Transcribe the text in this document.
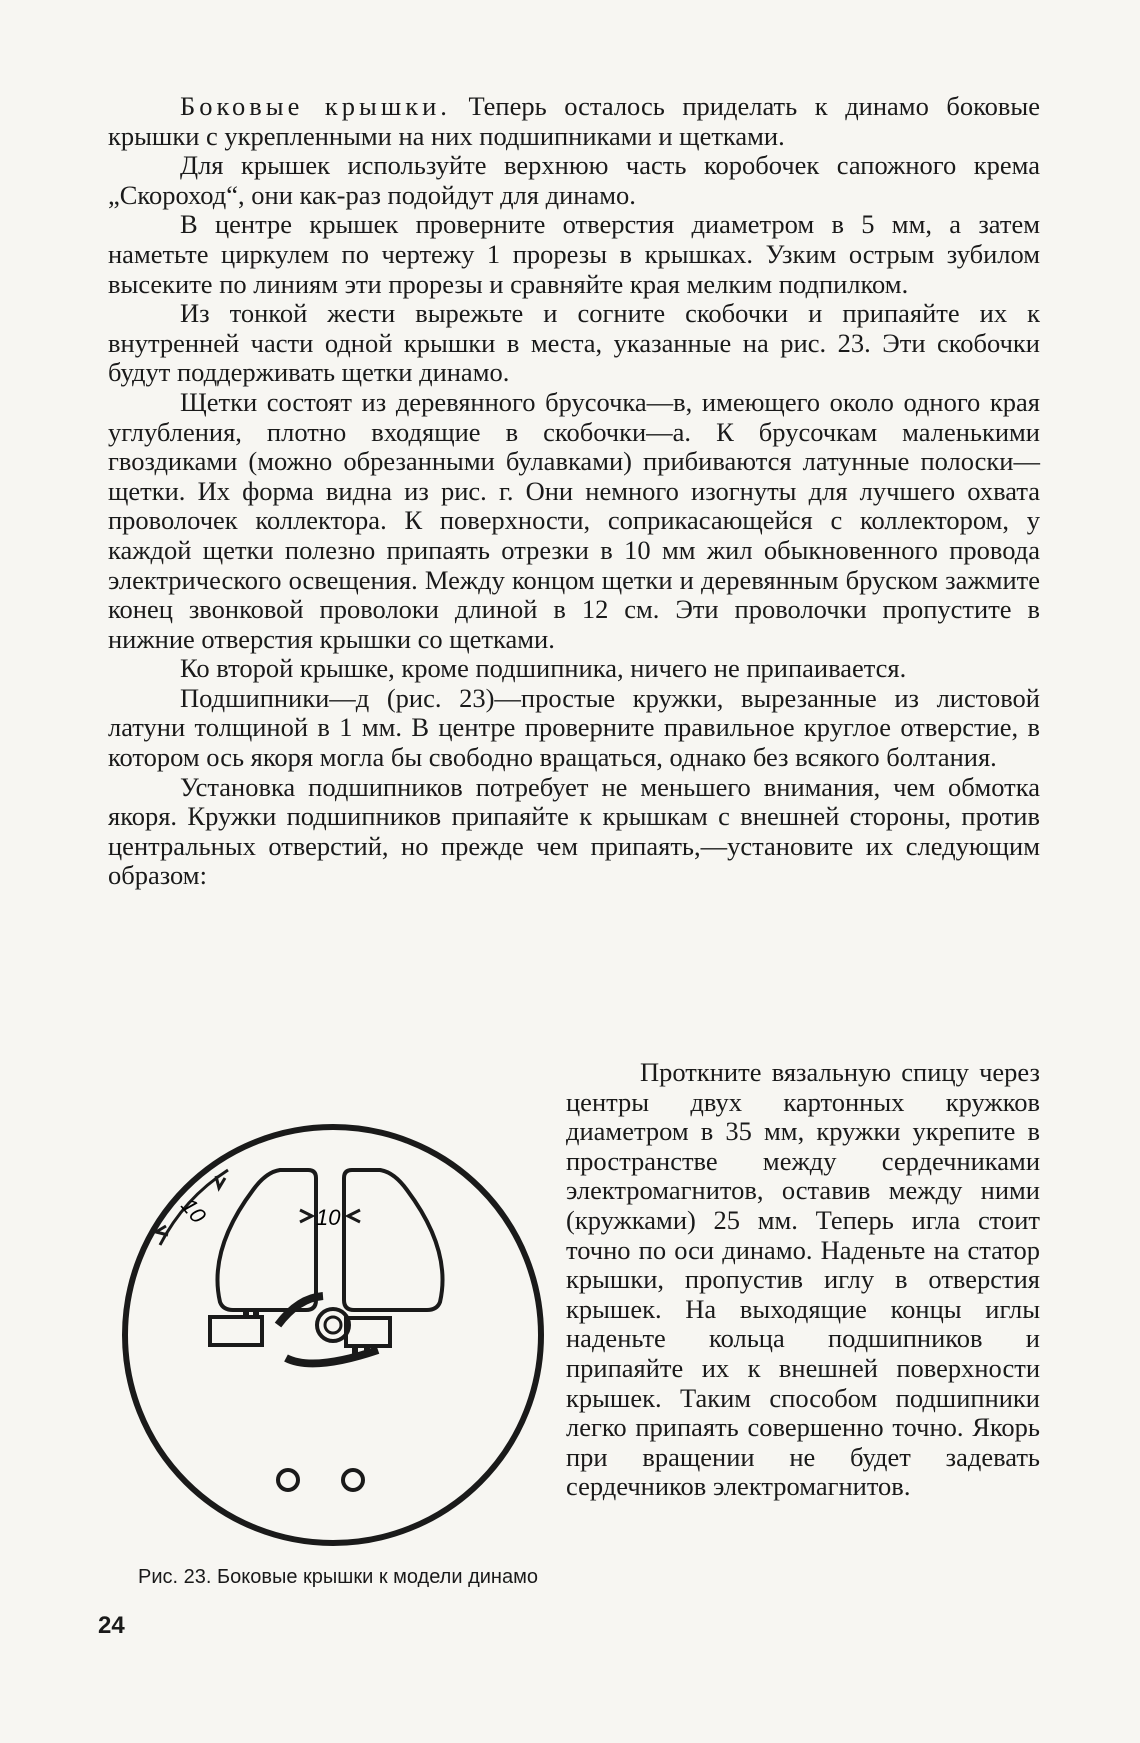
Боковые крышки. Теперь осталось приделать к динамо боковые крышки с укрепленными на них подшипниками и щетками.

Для крышек используйте верхнюю часть коробочек сапожного крема „Скороход“, они как-раз подойдут для динамо.

В центре крышек проверните отверстия диаметром в 5 мм, а затем наметьте циркулем по чертежу 1 прорезы в крышках. Узким острым зубилом высеките по линиям эти прорезы и сравняйте края мелким подпилком.

Из тонкой жести вырежьте и согните скобочки и припаяйте их к внутренней части одной крышки в места, указанные на рис. 23. Эти скобочки будут поддерживать щетки динамо.

Щетки состоят из деревянного брусочка—в, имеющего около одного края углубления, плотно входящие в скобочки—а. К брусочкам маленькими гвоздиками (можно обрезанными булавками) прибиваются латунные полоски—щетки. Их форма видна из рис. г. Они немного изогнуты для лучшего охвата проволочек коллектора. К поверхности, соприкасающейся с коллектором, у каждой щетки полезно припаять отрезки в 10 мм жил обыкновенного провода электрического освещения. Между концом щетки и деревянным бруском зажмите конец звонковой проволоки длиной в 12 см. Эти проволочки пропустите в нижние отверстия крышки со щетками.

Ко второй крышке, кроме подшипника, ничего не припаивается.

Подшипники—д (рис. 23)—простые кружки, вырезанные из листовой латуни толщиной в 1 мм. В центре проверните правильное круглое отверстие, в котором ось якоря могла бы свободно вращаться, однако без всякого болтания.

Установка подшипников потребует не меньшего внимания, чем обмотка якоря. Кружки подшипников припаяйте к крышкам с внешней стороны, против центральных отверстий, но прежде чем припаять,—установите их следующим образом:

Проткните вязальную спицу через центры двух картонных кружков диаметром в 35 мм, кружки укрепите в пространстве между сердечниками электромагнитов, оставив между ними (кружками) 25 мм. Теперь игла стоит точно по оси динамо. Наденьте на статор крышки, пропустив иглу в отверстия крышек. На выходящие концы иглы наденьте кольца подшипников и припаяйте их к внешней поверхности крышек. Таким способом подшипники легко припаять совершенно точно. Якорь при вращении не будет задевать сердечников электромагнитов.

10	10
Рис. 23. Боковые крышки к модели динамо
24
